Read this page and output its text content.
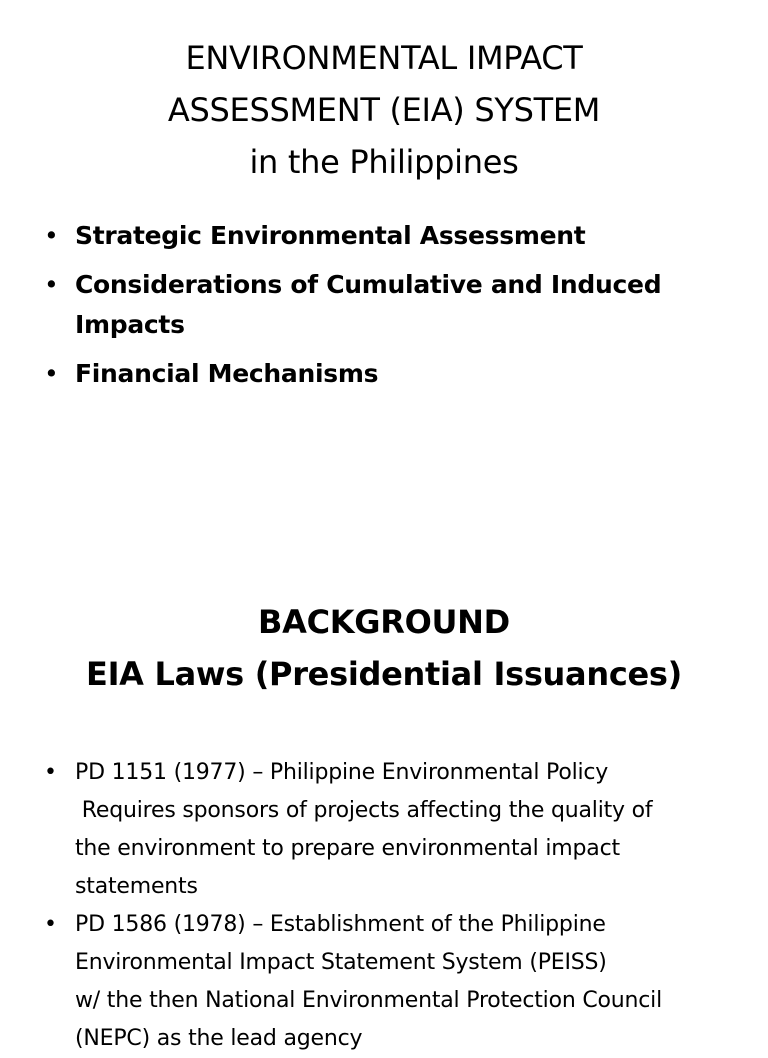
ENVIRONMENTAL IMPACT
ASSESSMENT (EIA) SYSTEM
in the Philippines
• Strategic Environmental Assessment
• Considerations of Cumulative and Induced Impacts
• Financial Mechanisms
BACKGROUND
EIA Laws (Presidential Issuances)
• PD 1151 (1977) – Philippine Environmental Policy
Requires sponsors of projects affecting the quality of
the environment to prepare environmental impact
statements
• PD 1586 (1978) – Establishment of the Philippine
Environmental Impact Statement System (PEISS)
w/ the then National Environmental Protection Council
(NEPC) as the lead agency
